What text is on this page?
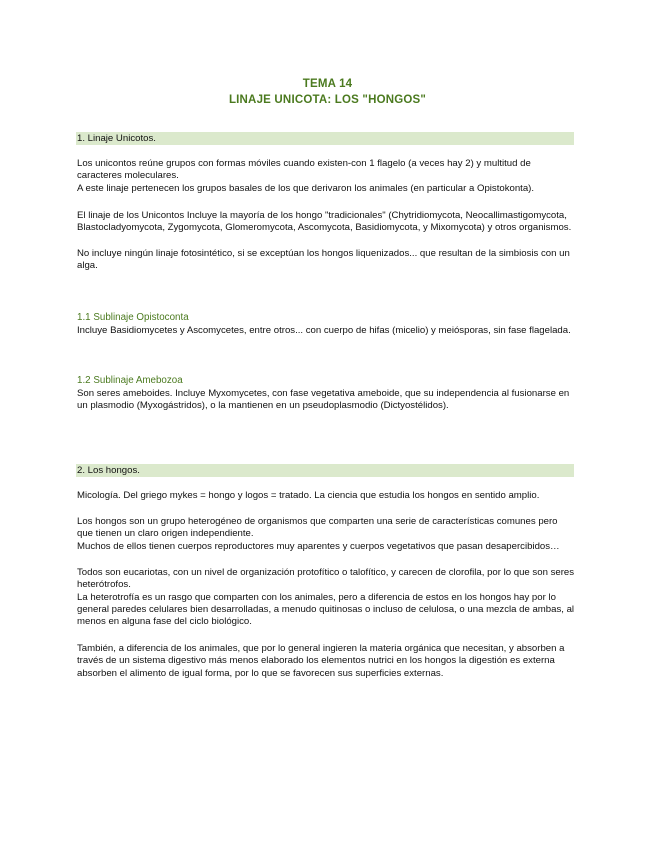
TEMA 14
LINAJE UNICOTA: LOS "HONGOS"
1. Linaje Unicotos.
Los unicontos reúne grupos con formas móviles cuando existen-con 1 flagelo (a veces hay 2) y multitud de
caracteres moleculares.
A este linaje pertenecen los grupos basales de los que derivaron los animales (en particular a Opistokonta).
El linaje de los Unicontos Incluye la mayoría de los hongo "tradicionales" (Chytridiomycota, Neocallimastigomycota,
Blastocladyomycota, Zygomycota, Glomeromycota, Ascomycota, Basidiomycota, y Mixomycota) y otros organismos.
No incluye ningún linaje fotosintético, si se exceptúan los hongos liquenizados... que resultan de la simbiosis con un
alga.
1.1 Sublinaje Opistoconta
Incluye Basidiomycetes y Ascomycetes, entre otros... con cuerpo de hifas (micelio) y meiósporas, sin fase flagelada.
1.2 Sublinaje Amebozoa
Son seres ameboides. Incluye Myxomycetes, con fase vegetativa ameboide, que su independencia al fusionarse en
un plasmodio (Myxogástridos), o la mantienen en un pseudoplasmodio (Dictyostélidos).
2. Los hongos.
Micología. Del griego mykes = hongo y logos = tratado. La ciencia que estudia los hongos en sentido amplio.
Los hongos son un grupo heterogéneo de organismos que comparten una serie de características comunes pero
que tienen un claro origen independiente.
Muchos de ellos tienen cuerpos reproductores muy aparentes y cuerpos vegetativos que pasan desapercibidos…
Todos son eucariotas, con un nivel de organización protofítico o talofítico, y carecen de clorofila, por lo que son seres
heterótrofos.
La heterotrofía es un rasgo que comparten con los animales, pero a diferencia de estos en los hongos hay por lo
general paredes celulares bien desarrolladas, a menudo quitinosas o incluso de celulosa, o una mezcla de ambas, al
menos en alguna fase del ciclo biológico.
También, a diferencia de los animales, que por lo general ingieren la materia orgánica que necesitan, y absorben a
través de un sistema digestivo más menos elaborado los elementos nutrici en los hongos la digestión es externa
absorben el alimento de igual forma, por lo que se favorecen sus superficies externas.
